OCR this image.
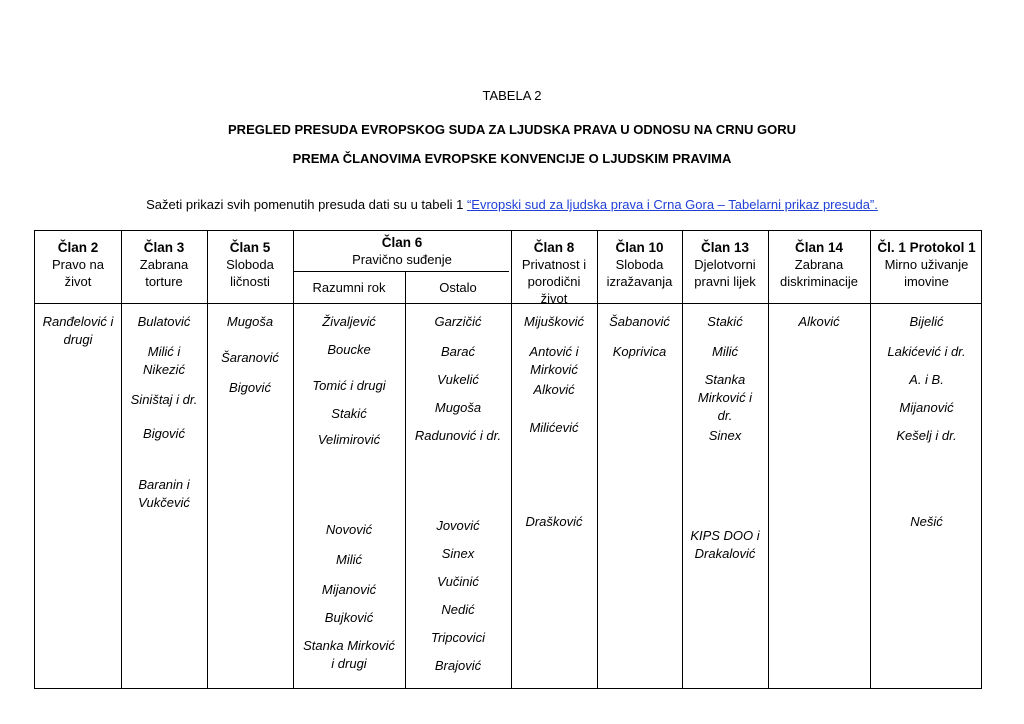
TABELA 2
PREGLED PRESUDA EVROPSKOG SUDA ZA LJUDSKA PRAVA U ODNOSU NA CRNU GORU
PREMA ČLANOVIMA EVROPSKE KONVENCIJE O LJUDSKIM PRAVIMA
Sažeti prikazi svih pomenutih presuda dati su u tabeli 1 “Evropski sud za ljudska prava i Crna Gora – Tabelarni prikaz presuda”.
Član 2
Pravo na
život
Ranđelović i
drugi
Član 3
Zabrana
torture
Bulatović
Milić i
Nikezić
Siništaj i dr.
Bigović
Baranin i
Vukčević
Član 5
Sloboda
ličnosti
Mugoša
Šaranović
Bigović
Član 6
Pravično suđenje
Razumni rok
Živaljević
Boucke
Tomić i drugi
Stakić
Velimirović
Novović
Milić
Mijanović
Bujković
Stanka Mirković
i drugi
Ostalo
Garzičić
Barać
Vukelić
Mugoša
Radunović i dr.
Jovović
Sinex
Vučinić
Nedić
Tripcovici
Brajović
Član 8
Privatnost i
porodični
život
Mijušković
Antović i
Mirković
Alković
Milićević
Drašković
Član 10
Sloboda
izražavanja
Šabanović
Koprivica
Član 13
Djelotvorni
pravni lijek
Stakić
Milić
Stanka
Mirković i
dr.
Sinex
KIPS DOO i
Drakalović
Član 14
Zabrana
diskriminacije
Alković
Čl. 1 Protokol 1
Mirno uživanje
imovine
Bijelić
Lakićević i dr.
A. i B.
Mijanović
Kešelj i dr.
Nešić
